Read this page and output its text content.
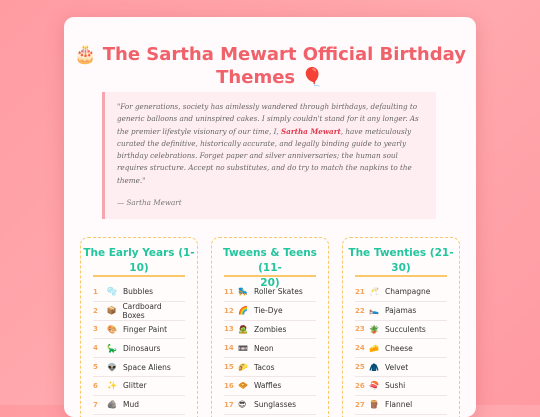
🎂 The Sartha Mewart Official Birthday
Themes 🎈
"For generations, society has aimlessly wandered through birthdays, defaulting to generic balloons and uninspired cakes. I simply couldn't stand for it any longer. As the premier lifestyle visionary of our time, I, Sartha Mewart, have meticulously curated the definitive, historically accurate, and legally binding guide to yearly birthday celebrations. Forget paper and silver anniversaries; the human soul requires structure. Accept no substitutes, and do try to match the napkins to the theme."
— Sartha Mewart
The Early Years (1-
10)
1	🫧 Bubbles
2	📦 Cardboard Boxes
3	🎨 Finger Paint
4	🦕 Dinosaurs
5	👽 Space Aliens
6	✨ Glitter
7	🪨 Mud
Tweens & Teens (11-
20)
11 🛼 Roller Skates
12 🌈 Tie-Dye
13 🧟 Zombies
14 📼 Neon
15 🌮 Tacos
16 🧇 Waffles
17 😎	Sunglasses
The Twenties (21-
30)
21 🥂 Champagne
22 🛌 Pajamas
23 🪴 Succulents
24 🧀 Cheese
25 🧥 Velvet
26 🍣 Sushi
27 🪵 Flannel
